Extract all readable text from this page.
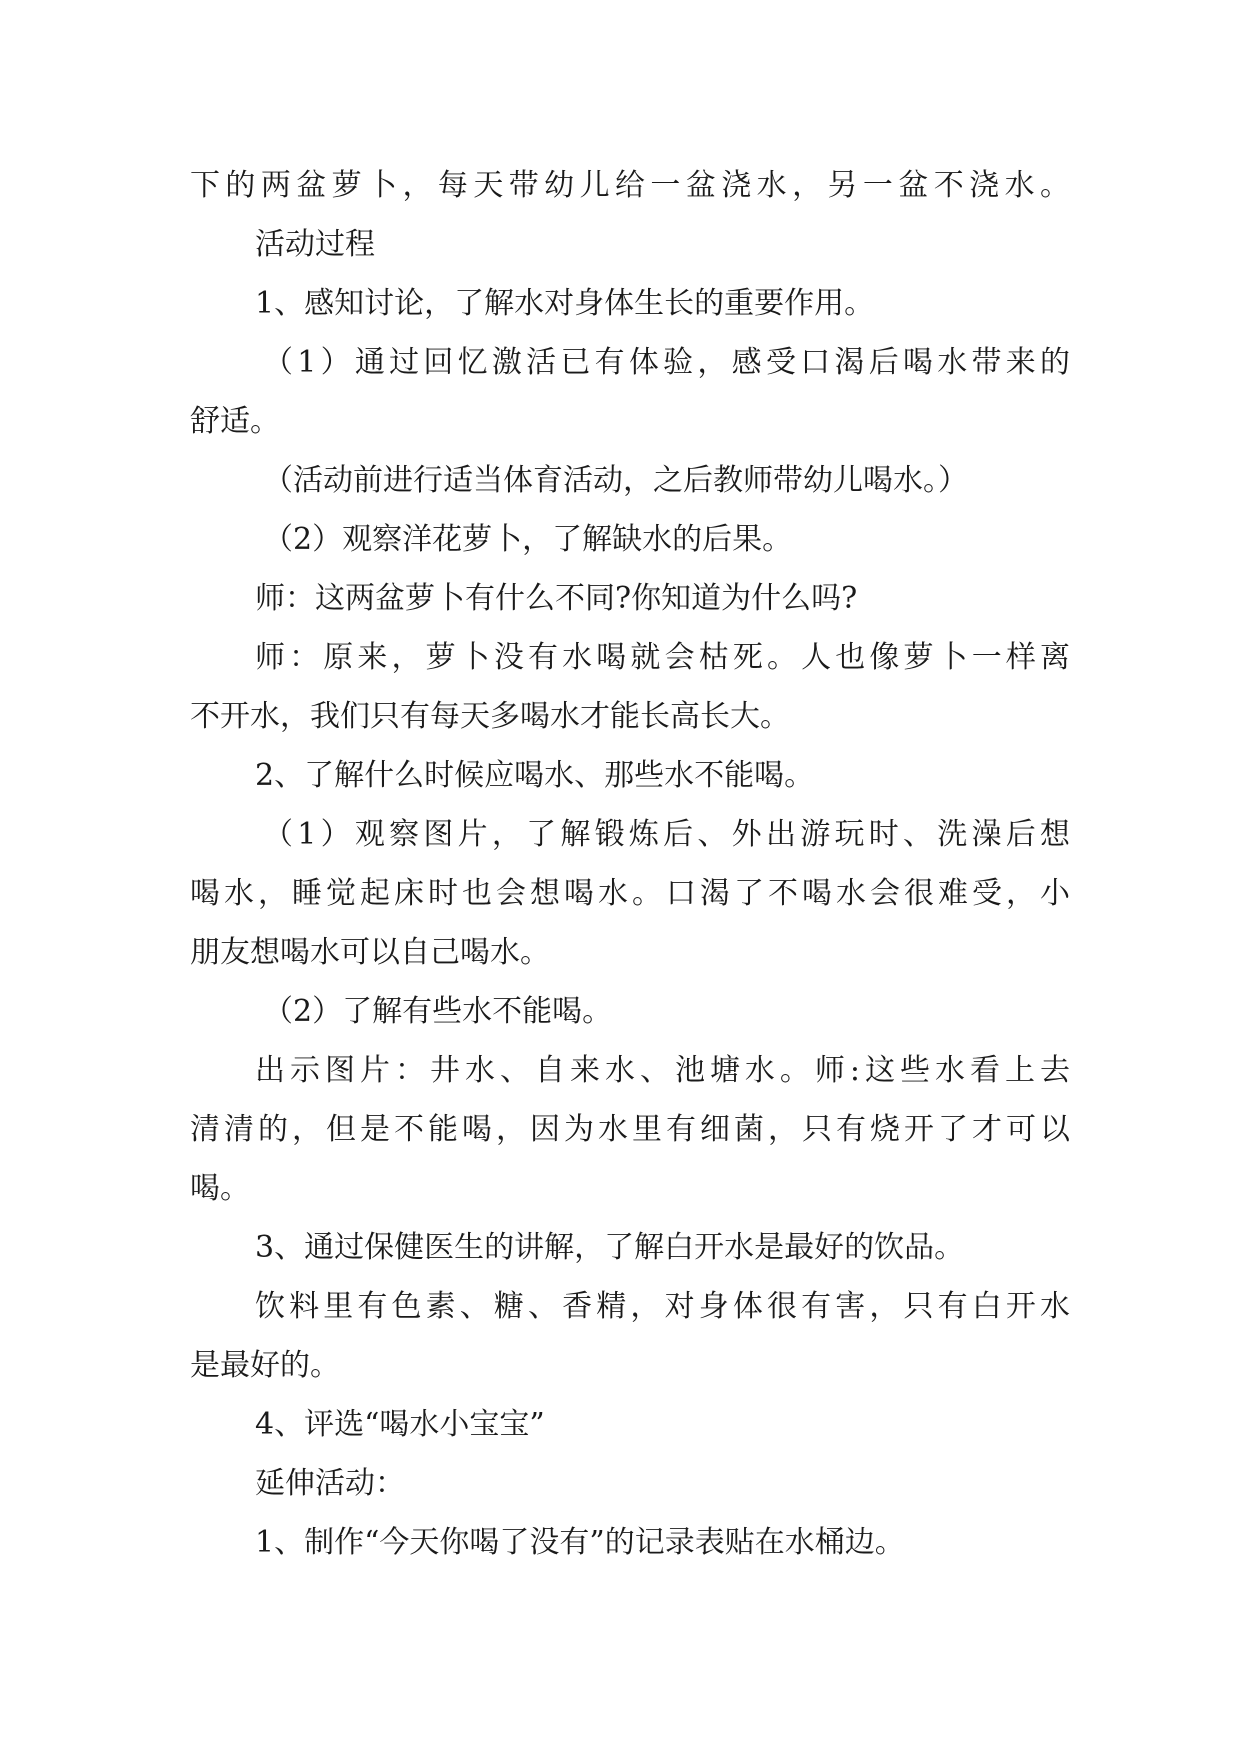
下的两盆萝卜，每天带幼儿给一盆浇水，另一盆不浇水。
活动过程
1、感知讨论，了解水对身体生长的重要作用。
（1）通过回忆激活已有体验，感受口渴后喝水带来的
舒适。
（活动前进行适当体育活动，之后教师带幼儿喝水。）
（2）观察洋花萝卜，了解缺水的后果。
师：这两盆萝卜有什么不同?你知道为什么吗?
师：原来，萝卜没有水喝就会枯死。人也像萝卜一样离
不开水，我们只有每天多喝水才能长高长大。
2、了解什么时候应喝水、那些水不能喝。
（1）观察图片，了解锻炼后、外出游玩时、洗澡后想
喝水，睡觉起床时也会想喝水。口渴了不喝水会很难受，小
朋友想喝水可以自己喝水。
（2）了解有些水不能喝。
出示图片：井水、自来水、池塘水。师:这些水看上去
清清的，但是不能喝，因为水里有细菌，只有烧开了才可以
喝。
3、通过保健医生的讲解，了解白开水是最好的饮品。
饮料里有色素、糖、香精，对身体很有害，只有白开水
是最好的。
4、评选“喝水小宝宝”
延伸活动：
1、制作“今天你喝了没有”的记录表贴在水桶边。
